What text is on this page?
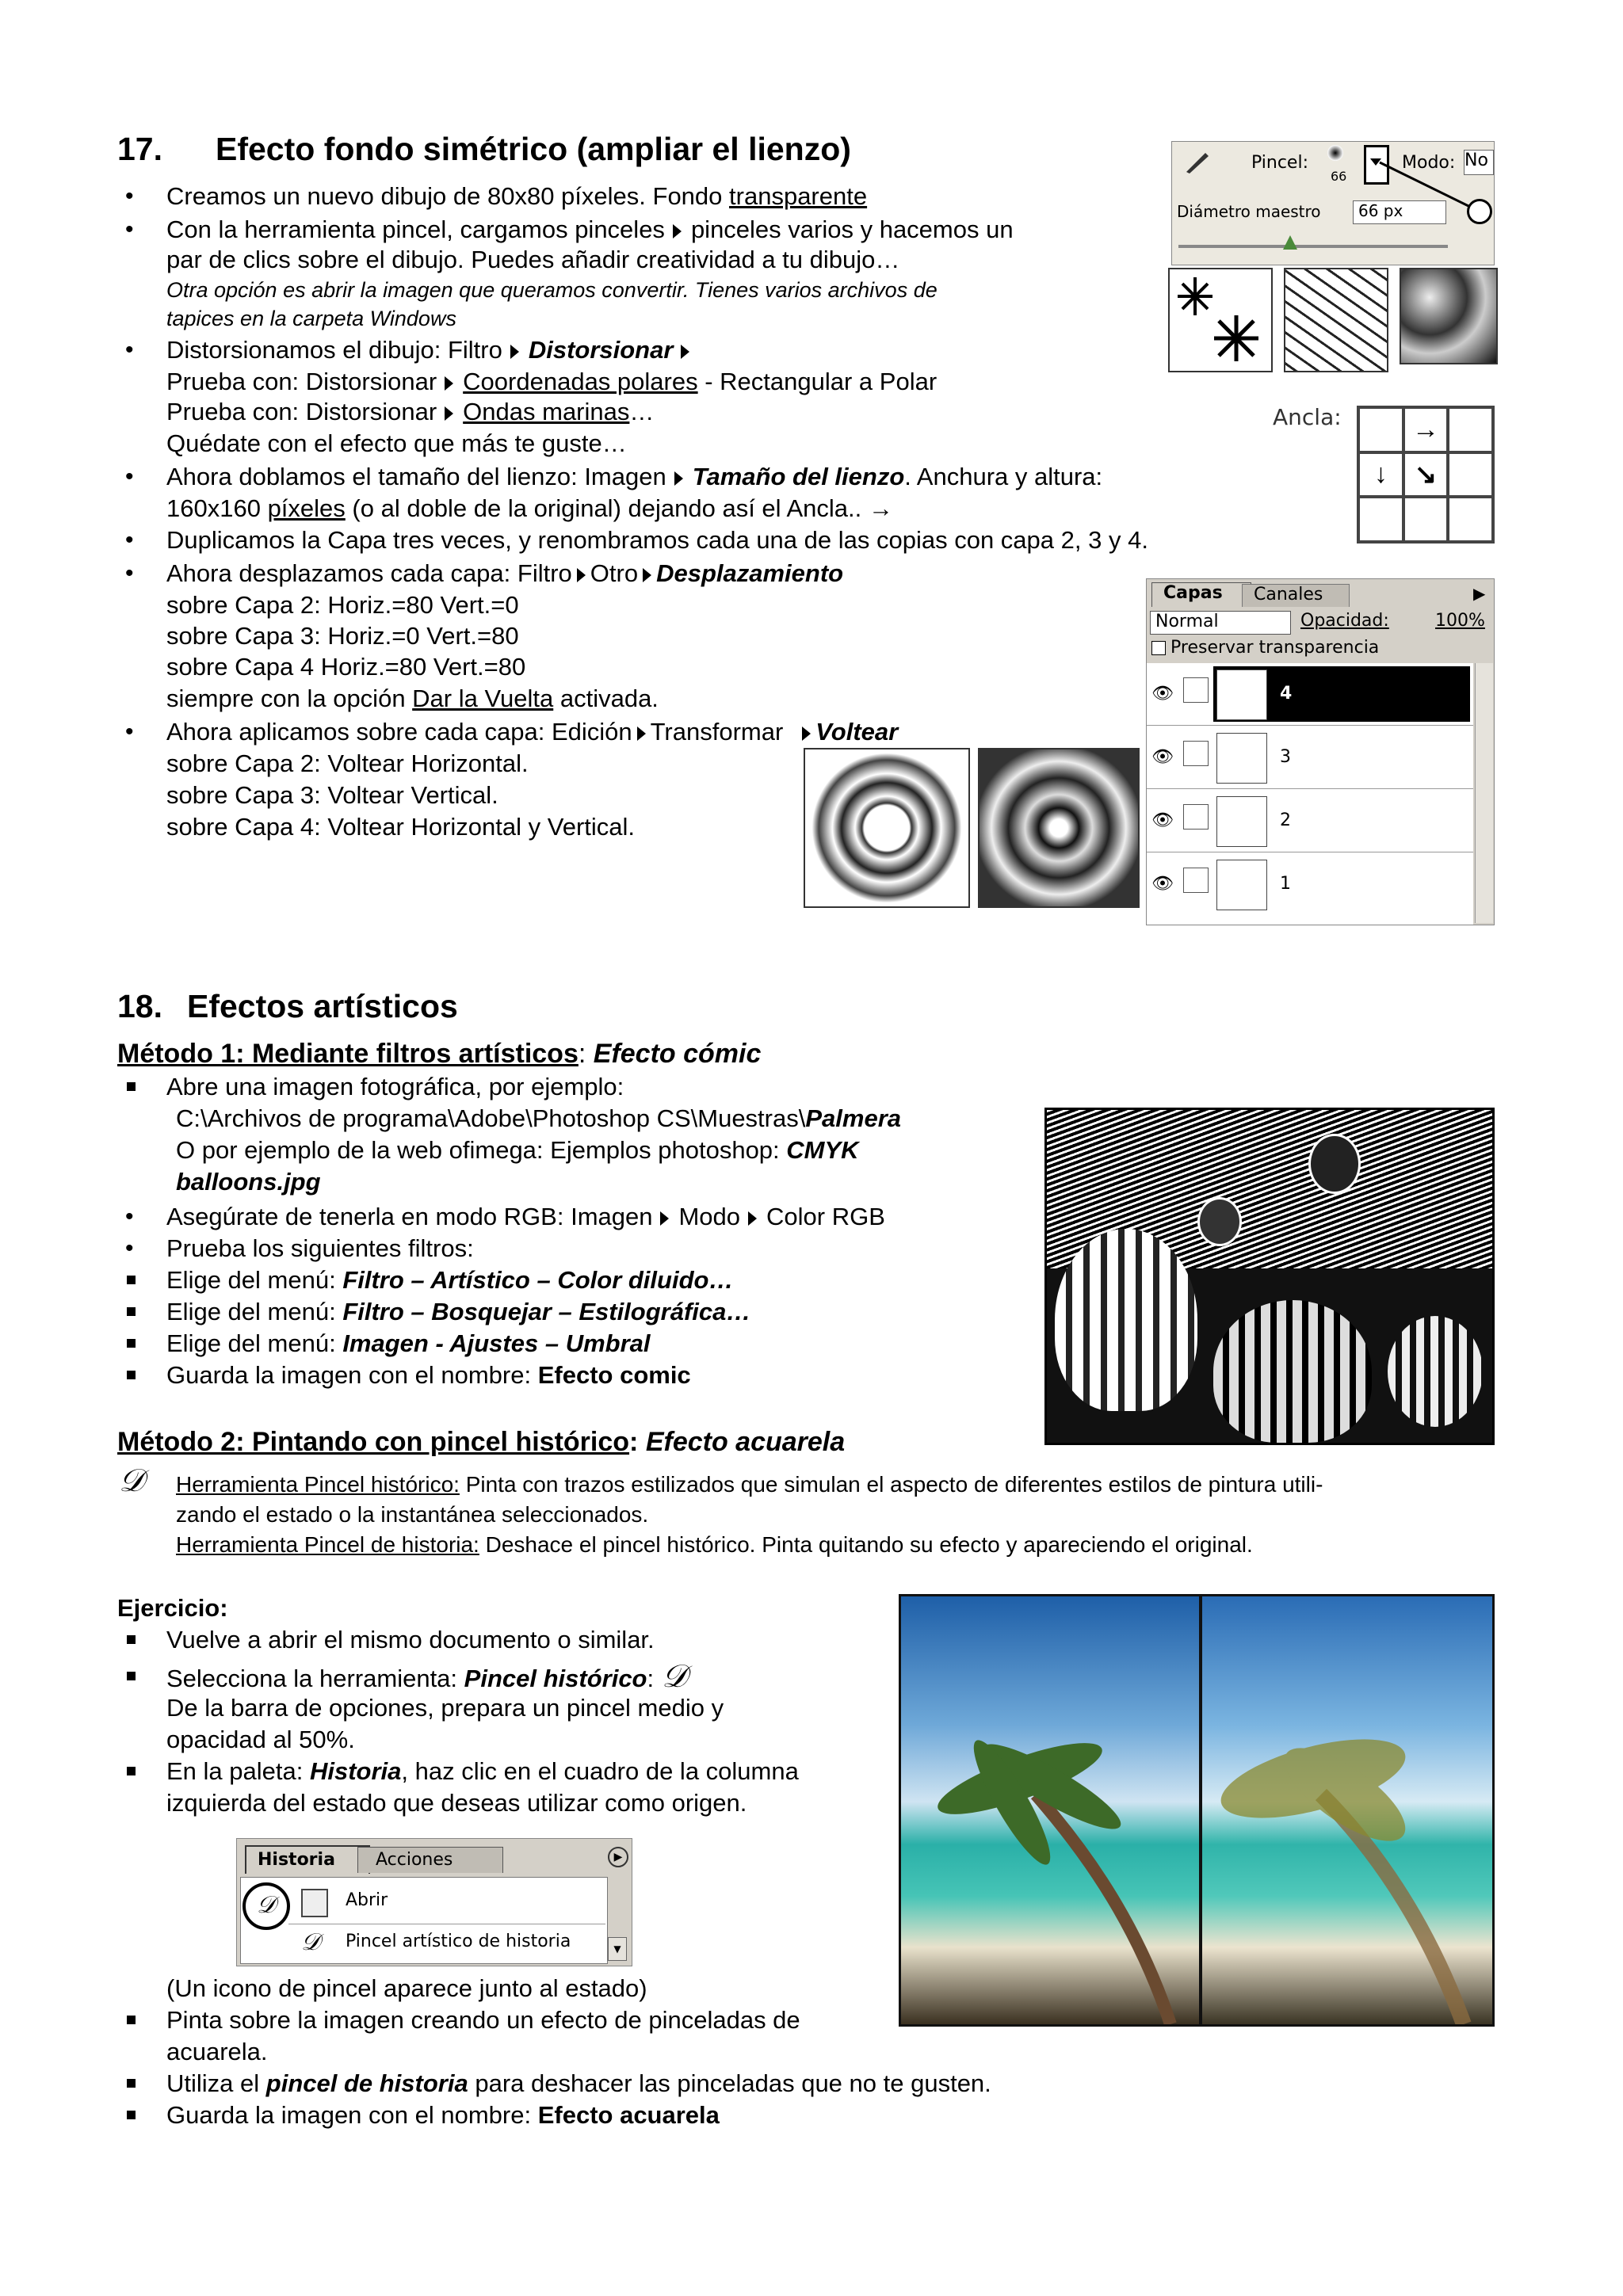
17. Efecto fondo simétrico (ampliar el lienzo)
• Creamos un nuevo dibujo de 80x80 píxeles. Fondo transparente
• Con la herramienta pincel, cargamos pinceles pinceles varios y hacemos un
par de clics sobre el dibujo. Puedes añadir creatividad a tu dibujo…
Otra opción es abrir la imagen que queramos convertir. Tienes varios archivos de
tapices en la carpeta Windows
• Distorsionamos el dibujo: Filtro Distorsionar
Prueba con: Distorsionar Coordenadas polares - Rectangular a Polar
Prueba con: Distorsionar Ondas marinas…
Quédate con el efecto que más te guste…
• Ahora doblamos el tamaño del lienzo: Imagen Tamaño del lienzo. Anchura y altura:
160x160 píxeles (o al doble de la original) dejando así el Ancla.. →
• Duplicamos la Capa tres veces, y renombramos cada una de las copias con capa 2, 3 y 4.
• Ahora desplazamos cada capa: Filtro Otro Desplazamiento
sobre Capa 2: Horiz.=80 Vert.=0
sobre Capa 3: Horiz.=0 Vert.=80
sobre Capa 4 Horiz.=80 Vert.=80
siempre con la opción Dar la Vuelta activada.
• Ahora aplicamos sobre cada capa: Edición Transformar Voltear
sobre Capa 2: Voltear Horizontal.
sobre Capa 3: Voltear Vertical.
sobre Capa 4: Voltear Horizontal y Vertical.
Pincel:
66
Modo: No
Diámetro maestro	66 px
Ancla:	→
↓ ↘
Capas	Canales	▶
Normal	Opacidad:	100%
Preservar transparencia
👁	4
👁	3
👁	2
👁	1
18. Efectos artísticos
Método 1: Mediante filtros artísticos: Efecto cómic
Abre una imagen fotográfica, por ejemplo:
C:\Archivos de programa\Adobe\Photoshop CS\Muestras\Palmera
O por ejemplo de la web ofimega: Ejemplos photoshop: CMYK
balloons.jpg
• Asegúrate de tenerla en modo RGB: Imagen Modo Color RGB
• Prueba los siguientes filtros:
Elige del menú: Filtro – Artístico – Color diluido…
Elige del menú: Filtro – Bosquejar – Estilográfica…
Elige del menú: Imagen - Ajustes – Umbral
Guarda la imagen con el nombre: Efecto comic
Método 2: Pintando con pincel histórico: Efecto acuarela
𝒟 Herramienta Pincel histórico: Pinta con trazos estilizados que simulan el aspecto de diferentes estilos de pintura utili-
zando el estado o la instantánea seleccionados.
Herramienta Pincel de historia: Deshace el pincel histórico. Pinta quitando su efecto y apareciendo el original.
Ejercicio:
Vuelve a abrir el mismo documento o similar.
Selecciona la herramienta: Pincel histórico: 𝒟
De la barra de opciones, prepara un pincel medio y
opacidad al 50%.
En la paleta: Historia, haz clic en el cuadro de la columna
izquierda del estado que deseas utilizar como origen.
Historia	Acciones	▶
𝒟	Abrir
𝒟 Pincel artístico de historia	▼
(Un icono de pincel aparece junto al estado)
Pinta sobre la imagen creando un efecto de pinceladas de
acuarela.
Utiliza el pincel de historia para deshacer las pinceladas que no te gusten.
Guarda la imagen con el nombre: Efecto acuarela
